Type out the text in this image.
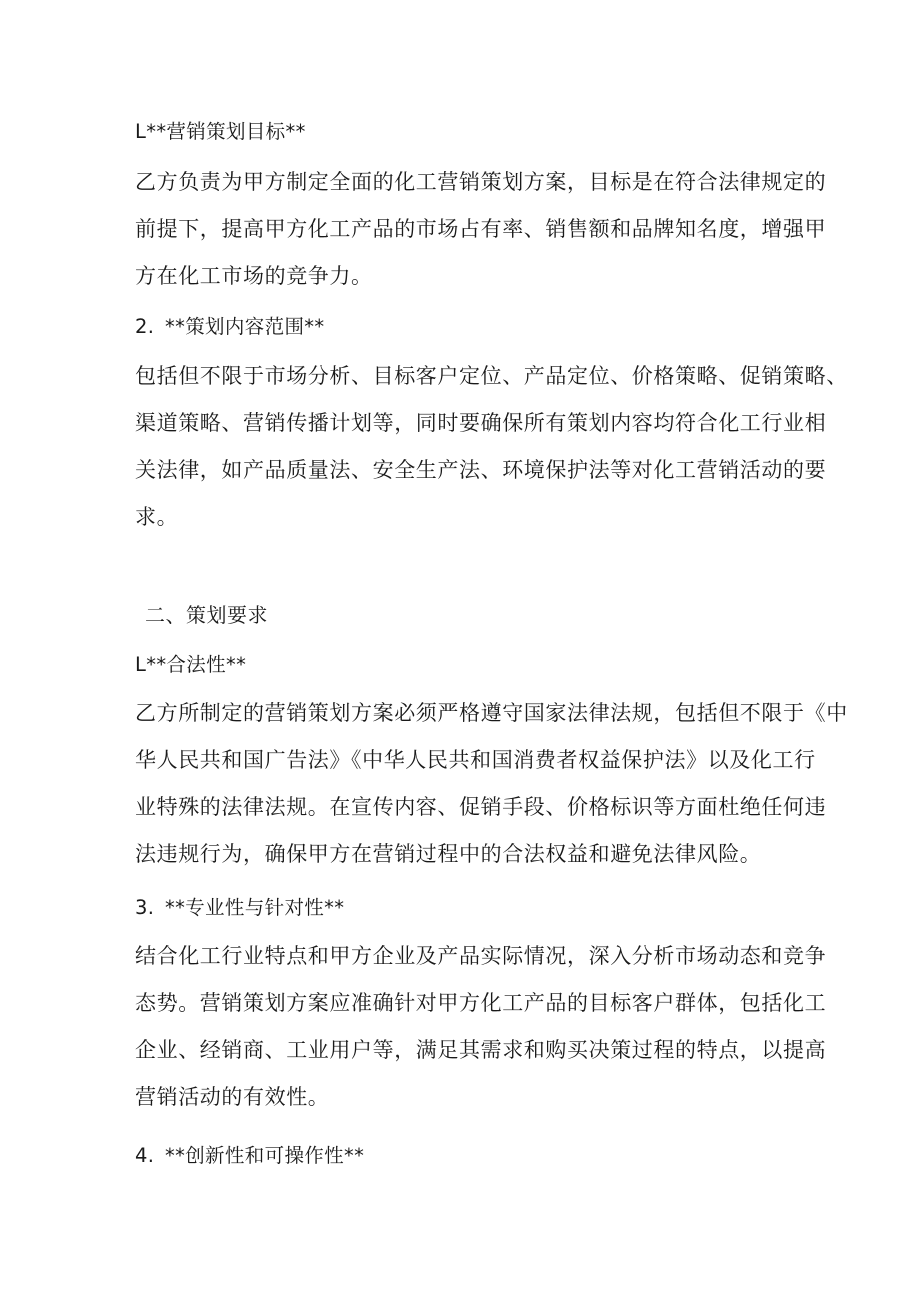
L**营销策划目标**
乙方负责为甲方制定全面的化工营销策划方案，目标是在符合法律规定的
前提下，提高甲方化工产品的市场占有率、销售额和品牌知名度，增强甲
方在化工市场的竞争力。
2. **策划内容范围**
包括但不限于市场分析、目标客户定位、产品定位、价格策略、促销策略、
渠道策略、营销传播计划等，同时要确保所有策划内容均符合化工行业相
关法律，如产品质量法、安全生产法、环境保护法等对化工营销活动的要
求。
二、策划要求
L**合法性**
乙方所制定的营销策划方案必须严格遵守国家法律法规，包括但不限于《中
华人民共和国广告法》《中华人民共和国消费者权益保护法》以及化工行
业特殊的法律法规。在宣传内容、促销手段、价格标识等方面杜绝任何违
法违规行为，确保甲方在营销过程中的合法权益和避免法律风险。
3. **专业性与针对性**
结合化工行业特点和甲方企业及产品实际情况，深入分析市场动态和竞争
态势。营销策划方案应准确针对甲方化工产品的目标客户群体，包括化工
企业、经销商、工业用户等，满足其需求和购买决策过程的特点，以提高
营销活动的有效性。
4. **创新性和可操作性**
